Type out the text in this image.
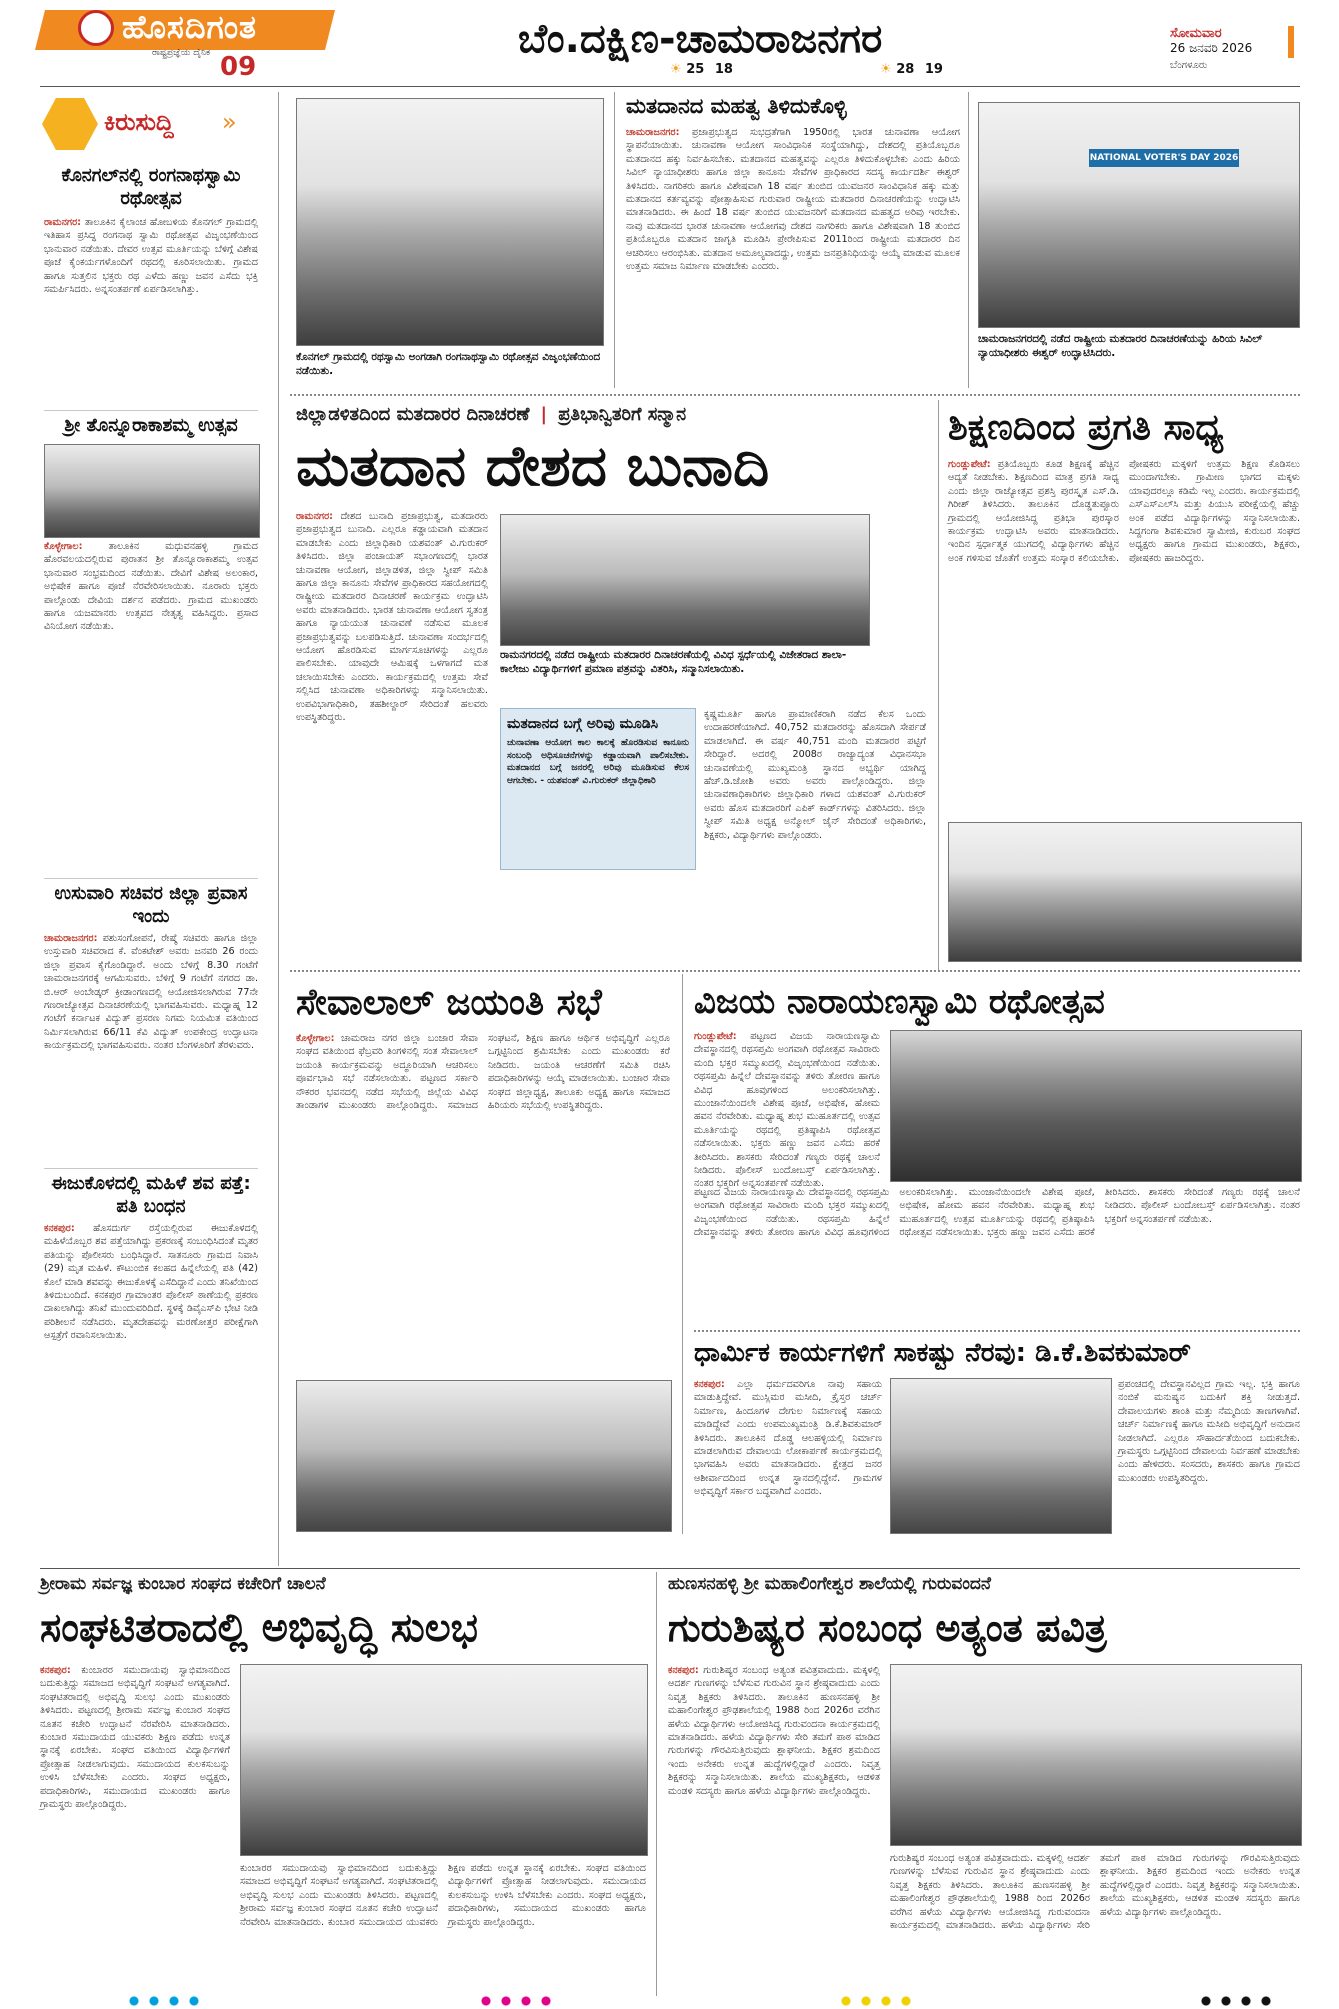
ಹೊಸದಿಗಂತ
ರಾಷ್ಟ್ರಪ್ರಜ್ಞೆಯ ದೈನಿಕ 09
ಬೆಂ.ದಕ್ಷಿಣ-ಚಾಮರಾಜನಗರ
☀ 25 18	☀ 28 19
ಸೋಮವಾರ
26 ಜನವರಿ 2026
ಬೆಂಗಳೂರು
ಕಿರುಸುದ್ದಿ »
ಕೊನಗಲ್‌ನಲ್ಲಿ ರಂಗನಾಥಸ್ವಾಮಿ ರಥೋತ್ಸವ
ರಾಮನಗರ: ತಾಲೂಕಿನ ಕೈಲಾಂಚ ಹೋಬಳಿಯ ಕೊನಗಲ್ ಗ್ರಾಮದಲ್ಲಿ ಇತಿಹಾಸ ಪ್ರಸಿದ್ಧ ರಂಗನಾಥ ಸ್ವಾಮಿ ರಥೋತ್ಸವ ವಿಜೃಂಭಣೆಯಿಂದ ಭಾನುವಾರ ನಡೆಯಿತು. ದೇವರ ಉತ್ಸವ ಮೂರ್ತಿಯನ್ನು ಬೆಳಿಗ್ಗೆ ವಿಶೇಷ ಪೂಜೆ ಕೈಂಕರ್ಯಗಳೊಂದಿಗೆ ರಥದಲ್ಲಿ ಕೂರಿಸಲಾಯಿತು. ಗ್ರಾಮದ ಹಾಗೂ ಸುತ್ತಲಿನ ಭಕ್ತರು ರಥ ಎಳೆದು ಹಣ್ಣು ಜವನ ಎಸೆದು ಭಕ್ತಿ ಸಮರ್ಪಿಸಿದರು. ಅನ್ನಸಂತರ್ಪಣೆ ಏರ್ಪಡಿಸಲಾಗಿತ್ತು.
ಶ್ರೀ ತೊನ್ನೂರಾಕಾಶಮ್ಮ ಉತ್ಸವ
ಕೊಳ್ಳೇಗಾಲ:	ತಾಲೂಕಿನ ಮಧುವನಹಳ್ಳಿ ಗ್ರಾಮದ ಹೊರವಲಯದಲ್ಲಿರುವ ಪುರಾತನ ಶ್ರೀ ತೊನ್ನೂರಾಕಾಶಮ್ಮ ಉತ್ಸವ ಭಾನುವಾರ ಸಂಭ್ರಮದಿಂದ ನಡೆಯಿತು. ದೇವಿಗೆ ವಿಶೇಷ ಅಲಂಕಾರ, ಅಭಿಷೇಕ ಹಾಗೂ ಪೂಜೆ ನೆರವೇರಿಸಲಾಯಿತು. ನೂರಾರು ಭಕ್ತರು ಪಾಲ್ಗೊಂಡು ದೇವಿಯ ದರ್ಶನ ಪಡೆದರು. ಗ್ರಾಮದ ಮುಖಂಡರು ಹಾಗೂ ಯಜಮಾನರು ಉತ್ಸವದ ನೇತೃತ್ವ ವಹಿಸಿದ್ದರು. ಪ್ರಸಾದ ವಿನಿಯೋಗ ನಡೆಯಿತು.
ಉಸುವಾರಿ ಸಚಿವರ ಜಿಲ್ಲಾ ಪ್ರವಾಸ ಇಂದು
ಚಾಮರಾಜನಗರ: ಪಶುಸಂಗೋಪನೆ, ರೇಷ್ಮೆ ಸಚಿವರು ಹಾಗೂ ಜಿಲ್ಲಾ ಉಸ್ತುವಾರಿ ಸಚಿವರಾದ ಕೆ. ವೆಂಕಟೇಶ್ ಅವರು ಜನವರಿ 26 ರಂದು ಜಿಲ್ಲಾ ಪ್ರವಾಸ ಕೈಗೊಂಡಿದ್ದಾರೆ. ಅಂದು ಬೆಳಿಗ್ಗೆ 8.30 ಗಂಟೆಗೆ ಚಾಮರಾಜನಗರಕ್ಕೆ ಆಗಮಿಸುವರು. ಬೆಳಿಗ್ಗೆ 9 ಗಂಟೆಗೆ ನಗರದ ಡಾ. ಬಿ.ಆರ್ ಅಂಬೇಡ್ಕರ್ ಕ್ರೀಡಾಂಗಣದಲ್ಲಿ ಆಯೋಜಿಸಲಾಗಿರುವ 77ನೇ ಗಣರಾಜ್ಯೋತ್ಸವ ದಿನಾಚರಣೆಯಲ್ಲಿ ಭಾಗವಹಿಸುವರು. ಮಧ್ಯಾಹ್ನ 12 ಗಂಟೆಗೆ ಕರ್ನಾಟಕ ವಿದ್ಯುತ್ ಪ್ರಸರಣ ನಿಗಮ ನಿಯಮಿತ ವತಿಯಿಂದ ನಿರ್ಮಿಸಲಾಗಿರುವ 66/11 ಕೆವಿ ವಿದ್ಯುತ್ ಉಪಕೇಂದ್ರ ಉದ್ಘಾಟನಾ ಕಾರ್ಯಕ್ರಮದಲ್ಲಿ ಭಾಗವಹಿಸುವರು. ನಂತರ ಬೆಂಗಳೂರಿಗೆ ತೆರಳುವರು.
ಈಜುಕೊಳದಲ್ಲಿ ಮಹಿಳೆ ಶವ ಪತ್ತೆ: ಪತಿ ಬಂಧನ
ಕನಕಪುರ: ಹೊಸದುರ್ಗ ರಸ್ತೆಯಲ್ಲಿರುವ ಈಜುಕೊಳದಲ್ಲಿ ಮಹಿಳೆಯೊಬ್ಬರ ಶವ ಪತ್ತೆಯಾಗಿದ್ದು ಪ್ರಕರಣಕ್ಕೆ ಸಂಬಂಧಿಸಿದಂತೆ ಮೃತರ ಪತಿಯನ್ನು ಪೊಲೀಸರು ಬಂಧಿಸಿದ್ದಾರೆ. ಸಾತನೂರು ಗ್ರಾಮದ ನಿವಾಸಿ (29) ಮೃತ ಮಹಿಳೆ. ಕೌಟುಂಬಿಕ ಕಲಹದ ಹಿನ್ನೆಲೆಯಲ್ಲಿ ಪತಿ (42) ಕೊಲೆ ಮಾಡಿ ಶವವನ್ನು ಈಜುಕೊಳಕ್ಕೆ ಎಸೆದಿದ್ದಾನೆ ಎಂದು ತನಿಖೆಯಿಂದ ತಿಳಿದುಬಂದಿದೆ. ಕನಕಪುರ ಗ್ರಾಮಾಂತರ ಪೊಲೀಸ್ ಠಾಣೆಯಲ್ಲಿ ಪ್ರಕರಣ ದಾಖಲಾಗಿದ್ದು ತನಿಖೆ ಮುಂದುವರಿದಿದೆ. ಸ್ಥಳಕ್ಕೆ ಡಿವೈಎಸ್‌ಪಿ ಭೇಟಿ ನೀಡಿ ಪರಿಶೀಲನೆ ನಡೆಸಿದರು. ಮೃತದೇಹವನ್ನು ಮರಣೋತ್ತರ ಪರೀಕ್ಷೆಗಾಗಿ ಆಸ್ಪತ್ರೆಗೆ ರವಾನಿಸಲಾಯಿತು.
ಕೊನಗಲ್ ಗ್ರಾಮದಲ್ಲಿ ರಥಸ್ವಾಮಿ ಅಂಗಡಾಗಿ ರಂಗನಾಥಸ್ವಾಮಿ ರಥೋತ್ಸವ ವಿಜೃಂಭಣೆಯಿಂದ ನಡೆಯಿತು.
ಮತದಾನದ ಮಹತ್ವ ತಿಳಿದುಕೊಳ್ಳಿ
ಚಾಮರಾಜನಗರ: ಪ್ರಜಾಪ್ರಭುತ್ವದ ಸುಭದ್ರತೆಗಾಗಿ 1950ರಲ್ಲಿ ಭಾರತ ಚುನಾವಣಾ ಆಯೋಗ ಸ್ಥಾಪನೆಯಾಯಿತು. ಚುನಾವಣಾ ಆಯೋಗ ಸಾಂವಿಧಾನಿಕ ಸಂಸ್ಥೆಯಾಗಿದ್ದು, ದೇಶದಲ್ಲಿ ಪ್ರತಿಯೊಬ್ಬರೂ ಮತದಾನದ ಹಕ್ಕು ನಿರ್ವಹಿಸಬೇಕು. ಮತದಾನದ ಮಹತ್ವವನ್ನು ಎಲ್ಲರೂ ತಿಳಿದುಕೊಳ್ಳಬೇಕು ಎಂದು ಹಿರಿಯ ಸಿವಿಲ್ ನ್ಯಾಯಾಧೀಶರು ಹಾಗೂ ಜಿಲ್ಲಾ ಕಾನೂನು ಸೇವೆಗಳ ಪ್ರಾಧಿಕಾರದ ಸದಸ್ಯ ಕಾರ್ಯದರ್ಶಿ ಈಶ್ವರ್ ತಿಳಿಸಿದರು. ನಾಗರಿಕರು ಹಾಗೂ ವಿಶೇಷವಾಗಿ 18 ವರ್ಷ ತುಂಬಿದ ಯುವಜನರ ಸಾಂವಿಧಾನಿಕ ಹಕ್ಕು ಮತ್ತು ಮತದಾನದ ಕರ್ತವ್ಯವನ್ನು ಪೋತ್ಸಾಹಿಸುವ ಗುರುವಾರ ರಾಷ್ಟ್ರೀಯ ಮತದಾರರ ದಿನಾಚರಣೆಯನ್ನು ಉದ್ಘಾಟಿಸಿ ಮಾತನಾಡಿದರು. ಈ ಹಿಂದೆ 18 ವರ್ಷ ತುಂಬಿದ ಯುವಜನರಿಗೆ ಮತದಾನದ ಮಹತ್ವದ ಅರಿವು ಇರಬೇಕು. ನಾವು ಮತದಾನದ ಭಾರತ ಚುನಾವಣಾ ಆಯೋಗವು ದೇಶದ ನಾಗರಿಕರು ಹಾಗೂ ವಿಶೇಷವಾಗಿ 18 ತುಂಬಿದ ಪ್ರತಿಯೊಬ್ಬರೂ ಮತದಾನ ಜಾಗೃತಿ ಮೂಡಿಸಿ ಪ್ರೇರೇಪಿಸುವ 2011ರಿಂದ ರಾಷ್ಟ್ರೀಯ ಮತದಾರರ ದಿನ ಆಚರಿಸಲು ಆರಂಭಿಸಿತು. ಮತದಾನ ಅಮೂಲ್ಯವಾದದ್ದು, ಉತ್ತಮ ಜನಪ್ರತಿನಿಧಿಯನ್ನು ಆಯ್ಕೆ ಮಾಡುವ ಮೂಲಕ ಉತ್ತಮ ಸಮಾಜ ನಿರ್ಮಾಣ ಮಾಡಬೇಕು ಎಂದರು.
NATIONAL VOTER'S DAY 2026
ಚಾಮರಾಜನಗರದಲ್ಲಿ ನಡೆದ ರಾಷ್ಟ್ರೀಯ ಮತದಾರರ ದಿನಾಚರಣೆಯನ್ನು ಹಿರಿಯ ಸಿವಿಲ್ ನ್ಯಾಯಾಧೀಶರು ಈಶ್ವರ್ ಉದ್ಘಾಟಿಸಿದರು.
ಜಿಲ್ಲಾಡಳಿತದಿಂದ ಮತದಾರರ ದಿನಾಚರಣೆ | ಪ್ರತಿಭಾನ್ವಿತರಿಗೆ ಸನ್ಮಾನ
ಮತದಾನ ದೇಶದ ಬುನಾದಿ
ರಾಮನಗರ: ದೇಶದ ಬುನಾದಿ ಪ್ರಜಾಪ್ರಭುತ್ವ, ಮತದಾರರು ಪ್ರಜಾಪ್ರಭುತ್ವದ ಬುನಾದಿ. ಎಲ್ಲರೂ ಕಡ್ಡಾಯವಾಗಿ ಮತದಾನ ಮಾಡಬೇಕು ಎಂದು ಜಿಲ್ಲಾಧಿಕಾರಿ ಯಶವಂತ್ ವಿ.ಗುರುಕರ್ ತಿಳಿಸಿದರು. ಜಿಲ್ಲಾ ಪಂಚಾಯತ್ ಸಭಾಂಗಣದಲ್ಲಿ ಭಾರತ ಚುನಾವಣಾ ಆಯೋಗ, ಜಿಲ್ಲಾಡಳಿತ, ಜಿಲ್ಲಾ ಸ್ವೀಪ್ ಸಮಿತಿ ಹಾಗೂ ಜಿಲ್ಲಾ ಕಾನೂನು ಸೇವೆಗಳ ಪ್ರಾಧಿಕಾರದ ಸಹಯೋಗದಲ್ಲಿ ರಾಷ್ಟ್ರೀಯ ಮತದಾರರ ದಿನಾಚರಣೆ ಕಾರ್ಯಕ್ರಮ ಉದ್ಘಾಟಿಸಿ ಅವರು ಮಾತನಾಡಿದರು. ಭಾರತ ಚುನಾವಣಾ ಆಯೋಗ ಸ್ವತಂತ್ರ ಹಾಗೂ ನ್ಯಾಯಯುತ ಚುನಾವಣೆ ನಡೆಸುವ ಮೂಲಕ ಪ್ರಜಾಪ್ರಭುತ್ವವನ್ನು ಬಲಪಡಿಸುತ್ತಿದೆ. ಚುನಾವಣಾ ಸಂದರ್ಭದಲ್ಲಿ ಆಯೋಗ ಹೊರಡಿಸುವ ಮಾರ್ಗಸೂಚಿಗಳನ್ನು ಎಲ್ಲರೂ ಪಾಲಿಸಬೇಕು. ಯಾವುದೇ ಆಮಿಷಕ್ಕೆ ಒಳಗಾಗದೆ ಮತ ಚಲಾಯಿಸಬೇಕು ಎಂದರು. ಕಾರ್ಯಕ್ರಮದಲ್ಲಿ ಉತ್ತಮ ಸೇವೆ ಸಲ್ಲಿಸಿದ ಚುನಾವಣಾ ಅಧಿಕಾರಿಗಳನ್ನು ಸನ್ಮಾನಿಸಲಾಯಿತು. ಉಪವಿಭಾಗಾಧಿಕಾರಿ, ತಹಶೀಲ್ದಾರ್ ಸೇರಿದಂತೆ ಹಲವರು ಉಪಸ್ಥಿತರಿದ್ದರು.
ರಾಮನಗರದಲ್ಲಿ ನಡೆದ ರಾಷ್ಟ್ರೀಯ ಮತದಾರರ ದಿನಾಚರಣೆಯಲ್ಲಿ ವಿವಿಧ ಸ್ಪರ್ಧೆಯಲ್ಲಿ ವಿಜೇತರಾದ ಶಾಲಾ-ಕಾಲೇಜು ವಿದ್ಯಾರ್ಥಿಗಳಿಗೆ ಪ್ರಮಾಣ ಪತ್ರವನ್ನು ವಿತರಿಸಿ, ಸನ್ಮಾನಿಸಲಾಯಿತು.
ಮತದಾನದ ಬಗ್ಗೆ ಅರಿವು ಮೂಡಿಸಿ
ಚುನಾವಣಾ ಆಯೋಗ ಕಾಲ ಕಾಲಕ್ಕೆ ಹೊರಡಿಸುವ ಕಾನೂನು ಸಂಬಂಧಿ ಅಧಿಸೂಚನೆಗಳನ್ನು ಕಡ್ಡಾಯವಾಗಿ ಪಾಲಿಸಬೇಕು. ಮತದಾನದ ಬಗ್ಗೆ ಜನರಲ್ಲಿ ಅರಿವು ಮೂಡಿಸುವ ಕೆಲಸ ಆಗಬೇಕು. - ಯಶವಂತ್ ವಿ.ಗುರುಕರ್ ಜಿಲ್ಲಾಧಿಕಾರಿ
ಕೃಷ್ಣಮೂರ್ತಿ ಹಾಗೂ ಪ್ರಾಮಾಣಿಕರಾಗಿ ನಡೆದ ಕೆಲಸ ಒಂದು ಉದಾಹರಣೆಯಾಗಿದೆ. 40,752 ಮತದಾರರನ್ನು ಹೊಸದಾಗಿ ಸೇರ್ಪಡೆ ಮಾಡಲಾಗಿದೆ. ಈ ವರ್ಷ 40,751 ಮಂದಿ ಮತದಾರರ ಪಟ್ಟಿಗೆ ಸೇರಿದ್ದಾರೆ. ಅದರಲ್ಲಿ 2008ರ ರಾಜ್ಯಾದ್ಯಂತ ವಿಧಾನಸಭಾ ಚುನಾವಣೆಯಲ್ಲಿ ಮುಖ್ಯಮಂತ್ರಿ ಸ್ಥಾನದ ಅಭ್ಯರ್ಥಿ ಯಾಗಿದ್ದ ಹೆಚ್.ಡಿ.ಜೋಶಿ ಅವರು ಅವರು ಪಾಲ್ಗೊಂಡಿದ್ದರು. ಜಿಲ್ಲಾ ಚುನಾವಣಾಧಿಕಾರಿಗಳು ಜಿಲ್ಲಾಧಿಕಾರಿ ಗಳಾದ ಯಶವಂತ್ ವಿ.ಗುರುಕರ್ ಅವರು ಹೊಸ ಮತದಾರರಿಗೆ ಎಪಿಕ್ ಕಾರ್ಡ್‌ಗಳನ್ನು ವಿತರಿಸಿದರು. ಜಿಲ್ಲಾ ಸ್ವೀಪ್ ಸಮಿತಿ ಅಧ್ಯಕ್ಷ ಅನ್ಮೋಲ್ ಜೈನ್ ಸೇರಿದಂತೆ ಅಧಿಕಾರಿಗಳು, ಶಿಕ್ಷಕರು, ವಿದ್ಯಾರ್ಥಿಗಳು ಪಾಲ್ಗೊಂಡರು.
ಶಿಕ್ಷಣದಿಂದ ಪ್ರಗತಿ ಸಾಧ್ಯ
ಗುಂಡ್ಲುಪೇಟೆ: ಪ್ರತಿಯೊಬ್ಬರು ಕೂಡ ಶಿಕ್ಷಣಕ್ಕೆ ಹೆಚ್ಚಿನ ಆದ್ಯತೆ ನೀಡಬೇಕು. ಶಿಕ್ಷಣದಿಂದ ಮಾತ್ರ ಪ್ರಗತಿ ಸಾಧ್ಯ ಎಂದು ಜಿಲ್ಲಾ ರಾಜ್ಯೋತ್ಸವ ಪ್ರಶಸ್ತಿ ಪುರಸ್ಕೃತ ಎಸ್.ಡಿ. ಗಿರೀಶ್ ತಿಳಿಸಿದರು. ತಾಲೂಕಿನ ದೊಡ್ಡತುಪ್ಪೂರು ಗ್ರಾಮದಲ್ಲಿ ಆಯೋಜಿಸಿದ್ದ ಪ್ರತಿಭಾ ಪುರಸ್ಕಾರ ಕಾರ್ಯಕ್ರಮ ಉದ್ಘಾಟಿಸಿ ಅವರು ಮಾತನಾಡಿದರು. ಇಂದಿನ ಸ್ಪರ್ಧಾತ್ಮಕ ಯುಗದಲ್ಲಿ ವಿದ್ಯಾರ್ಥಿಗಳು ಹೆಚ್ಚಿನ ಅಂಕ ಗಳಿಸುವ ಜೊತೆಗೆ ಉತ್ತಮ ಸಂಸ್ಕಾರ ಕಲಿಯಬೇಕು. ಪೋಷಕರು ಮಕ್ಕಳಿಗೆ ಉತ್ತಮ ಶಿಕ್ಷಣ ಕೊಡಿಸಲು ಮುಂದಾಗಬೇಕು. ಗ್ರಾಮೀಣ ಭಾಗದ ಮಕ್ಕಳು ಯಾವುದರಲ್ಲೂ ಕಡಿಮೆ ಇಲ್ಲ ಎಂದರು. ಕಾರ್ಯಕ್ರಮದಲ್ಲಿ ಎಸ್‌ಎಸ್‌ಎಲ್‌ಸಿ ಮತ್ತು ಪಿಯುಸಿ ಪರೀಕ್ಷೆಯಲ್ಲಿ ಹೆಚ್ಚು ಅಂಕ ಪಡೆದ ವಿದ್ಯಾರ್ಥಿಗಳನ್ನು ಸನ್ಮಾನಿಸಲಾಯಿತು. ಸಿದ್ದಗಂಗಾ ಶಿವಕುಮಾರ ಸ್ವಾಮೀಜಿ, ಕುರುಬರ ಸಂಘದ ಅಧ್ಯಕ್ಷರು ಹಾಗೂ ಗ್ರಾಮದ ಮುಖಂಡರು, ಶಿಕ್ಷಕರು, ಪೋಷಕರು ಹಾಜರಿದ್ದರು.
ಸೇವಾಲಾಲ್ ಜಯಂತಿ ಸಭೆ
ಕೊಳ್ಳೇಗಾಲ: ಚಾಮರಾಜ ನಗರ ಜಿಲ್ಲಾ ಬಂಜಾರ ಸೇವಾ ಸಂಘದ ವತಿಯಿಂದ ಫೆಬ್ರವರಿ ತಿಂಗಳಿನಲ್ಲಿ ಸಂತ ಸೇವಾಲಾಲ್ ಜಯಂತಿ ಕಾರ್ಯಕ್ರಮವನ್ನು ಅದ್ಧೂರಿಯಾಗಿ ಆಚರಿಸಲು ಪೂರ್ವಭಾವಿ ಸಭೆ ನಡೆಸಲಾಯಿತು. ಪಟ್ಟಣದ ಸರ್ಕಾರಿ ನೌಕರರ ಭವನದಲ್ಲಿ ನಡೆದ ಸಭೆಯಲ್ಲಿ ಜಿಲ್ಲೆಯ ವಿವಿಧ ತಾಂಡಾಗಳ ಮುಖಂಡರು ಪಾಲ್ಗೊಂಡಿದ್ದರು. ಸಮಾಜದ ಸಂಘಟನೆ, ಶಿಕ್ಷಣ ಹಾಗೂ ಆರ್ಥಿಕ ಅಭಿವೃದ್ಧಿಗೆ ಎಲ್ಲರೂ ಒಗ್ಗಟ್ಟಿನಿಂದ ಶ್ರಮಿಸಬೇಕು ಎಂದು ಮುಖಂಡರು ಕರೆ ನೀಡಿದರು. ಜಯಂತಿ ಆಚರಣೆಗೆ ಸಮಿತಿ ರಚಿಸಿ ಪದಾಧಿಕಾರಿಗಳನ್ನು ಆಯ್ಕೆ ಮಾಡಲಾಯಿತು. ಬಂಜಾರ ಸೇವಾ ಸಂಘದ ಜಿಲ್ಲಾಧ್ಯಕ್ಷ, ತಾಲೂಕು ಅಧ್ಯಕ್ಷ ಹಾಗೂ ಸಮಾಜದ ಹಿರಿಯರು ಸಭೆಯಲ್ಲಿ ಉಪಸ್ಥಿತರಿದ್ದರು.
ವಿಜಯ ನಾರಾಯಣಸ್ವಾಮಿ ರಥೋತ್ಸವ
ಗುಂಡ್ಲುಪೇಟೆ: ಪಟ್ಟಣದ ವಿಜಯ ನಾರಾಯಣಸ್ವಾಮಿ ದೇವಸ್ಥಾನದಲ್ಲಿ ರಥಸಪ್ತಮಿ ಅಂಗವಾಗಿ ರಥೋತ್ಸವ ಸಾವಿರಾರು ಮಂದಿ ಭಕ್ತರ ಸಮ್ಮುಖದಲ್ಲಿ ವಿಜೃಂಭಣೆಯಿಂದ ನಡೆಯಿತು. ರಥಸಪ್ತಮಿ ಹಿನ್ನೆಲೆ ದೇವಸ್ಥಾನವನ್ನು ತಳಿರು ತೋರಣ ಹಾಗೂ ವಿವಿಧ ಹೂವುಗಳಿಂದ ಅಲಂಕರಿಸಲಾಗಿತ್ತು. ಮುಂಜಾನೆಯಿಂದಲೇ ವಿಶೇಷ ಪೂಜೆ, ಅಭಿಷೇಕ, ಹೋಮ ಹವನ ನೆರವೇರಿತು. ಮಧ್ಯಾಹ್ನ ಶುಭ ಮುಹೂರ್ತದಲ್ಲಿ ಉತ್ಸವ ಮೂರ್ತಿಯನ್ನು ರಥದಲ್ಲಿ ಪ್ರತಿಷ್ಠಾಪಿಸಿ ರಥೋತ್ಸವ ನಡೆಸಲಾಯಿತು. ಭಕ್ತರು ಹಣ್ಣು ಜವನ ಎಸೆದು ಹರಕೆ ತೀರಿಸಿದರು. ಶಾಸಕರು ಸೇರಿದಂತೆ ಗಣ್ಯರು ರಥಕ್ಕೆ ಚಾಲನೆ ನೀಡಿದರು. ಪೊಲೀಸ್ ಬಂದೋಬಸ್ತ್ ಏರ್ಪಡಿಸಲಾಗಿತ್ತು. ನಂತರ ಭಕ್ತರಿಗೆ ಅನ್ನಸಂತರ್ಪಣೆ ನಡೆಯಿತು.
ಪಟ್ಟಣದ ವಿಜಯ ನಾರಾಯಣಸ್ವಾಮಿ ದೇವಸ್ಥಾನದಲ್ಲಿ ರಥಸಪ್ತಮಿ ಅಂಗವಾಗಿ ರಥೋತ್ಸವ ಸಾವಿರಾರು ಮಂದಿ ಭಕ್ತರ ಸಮ್ಮುಖದಲ್ಲಿ ವಿಜೃಂಭಣೆಯಿಂದ ನಡೆಯಿತು. ರಥಸಪ್ತಮಿ ಹಿನ್ನೆಲೆ ದೇವಸ್ಥಾನವನ್ನು ತಳಿರು ತೋರಣ ಹಾಗೂ ವಿವಿಧ ಹೂವುಗಳಿಂದ ಅಲಂಕರಿಸಲಾಗಿತ್ತು. ಮುಂಜಾನೆಯಿಂದಲೇ ವಿಶೇಷ ಪೂಜೆ, ಅಭಿಷೇಕ, ಹೋಮ ಹವನ ನೆರವೇರಿತು. ಮಧ್ಯಾಹ್ನ ಶುಭ ಮುಹೂರ್ತದಲ್ಲಿ ಉತ್ಸವ ಮೂರ್ತಿಯನ್ನು ರಥದಲ್ಲಿ ಪ್ರತಿಷ್ಠಾಪಿಸಿ ರಥೋತ್ಸವ ನಡೆಸಲಾಯಿತು. ಭಕ್ತರು ಹಣ್ಣು ಜವನ ಎಸೆದು ಹರಕೆ ತೀರಿಸಿದರು. ಶಾಸಕರು ಸೇರಿದಂತೆ ಗಣ್ಯರು ರಥಕ್ಕೆ ಚಾಲನೆ ನೀಡಿದರು. ಪೊಲೀಸ್ ಬಂದೋಬಸ್ತ್ ಏರ್ಪಡಿಸಲಾಗಿತ್ತು. ನಂತರ ಭಕ್ತರಿಗೆ ಅನ್ನಸಂತರ್ಪಣೆ ನಡೆಯಿತು.
ಧಾರ್ಮಿಕ ಕಾರ್ಯಗಳಿಗೆ ಸಾಕಷ್ಟು ನೆರವು: ಡಿ.ಕೆ.ಶಿವಕುಮಾರ್
ಕನಕಪುರ: ಎಲ್ಲಾ ಧರ್ಮದವರಿಗೂ ನಾವು ಸಹಾಯ ಮಾಡುತ್ತಿದ್ದೇವೆ. ಮುಸ್ಲಿಮರ ಮಸೀದಿ, ಕ್ರೈಸ್ತರ ಚರ್ಚ್ ನಿರ್ಮಾಣ, ಹಿಂದೂಗಳ ದೇಗುಲ ನಿರ್ಮಾಣಕ್ಕೆ ಸಹಾಯ ಮಾಡಿದ್ದೇವೆ ಎಂದು ಉಪಮುಖ್ಯಮಂತ್ರಿ ಡಿ.ಕೆ.ಶಿವಕುಮಾರ್ ತಿಳಿಸಿದರು. ತಾಲೂಕಿನ ದೊಡ್ಡ ಆಲಹಳ್ಳಿಯಲ್ಲಿ ನಿರ್ಮಾಣ ಮಾಡಲಾಗಿರುವ ದೇವಾಲಯ ಲೋಕಾರ್ಪಣೆ ಕಾರ್ಯಕ್ರಮದಲ್ಲಿ ಭಾಗವಹಿಸಿ ಅವರು ಮಾತನಾಡಿದರು. ಕ್ಷೇತ್ರದ ಜನರ ಆಶೀರ್ವಾದದಿಂದ ಉನ್ನತ ಸ್ಥಾನದಲ್ಲಿದ್ದೇನೆ. ಗ್ರಾಮಗಳ ಅಭಿವೃದ್ಧಿಗೆ ಸರ್ಕಾರ ಬದ್ಧವಾಗಿದೆ ಎಂದರು.
ಪ್ರಪಂಚದಲ್ಲಿ ದೇವಸ್ಥಾನವಿಲ್ಲದ ಗ್ರಾಮ ಇಲ್ಲ. ಭಕ್ತಿ ಹಾಗೂ ನಂಬಿಕೆ ಮನುಷ್ಯನ ಬದುಕಿಗೆ ಶಕ್ತಿ ನೀಡುತ್ತದೆ. ದೇವಾಲಯಗಳು ಶಾಂತಿ ಮತ್ತು ನೆಮ್ಮದಿಯ ತಾಣಗಳಾಗಿವೆ. ಚರ್ಚ್ ನಿರ್ಮಾಣಕ್ಕೆ ಹಾಗೂ ಮಸೀದಿ ಅಭಿವೃದ್ಧಿಗೆ ಅನುದಾನ ನೀಡಲಾಗಿದೆ. ಎಲ್ಲರೂ ಸೌಹಾರ್ದತೆಯಿಂದ ಬದುಕಬೇಕು. ಗ್ರಾಮಸ್ಥರು ಒಗ್ಗಟ್ಟಿನಿಂದ ದೇವಾಲಯ ನಿರ್ವಹಣೆ ಮಾಡಬೇಕು ಎಂದು ಹೇಳಿದರು. ಸಂಸದರು, ಶಾಸಕರು ಹಾಗೂ ಗ್ರಾಮದ ಮುಖಂಡರು ಉಪಸ್ಥಿತರಿದ್ದರು.
ಶ್ರೀರಾಮ ಸರ್ವಜ್ಞ ಕುಂಬಾರ ಸಂಘದ ಕಚೇರಿಗೆ ಚಾಲನೆ
ಸಂಘಟಿತರಾದಲ್ಲಿ ಅಭಿವೃದ್ಧಿ ಸುಲಭ
ಕನಕಪುರ: ಕುಂಬಾರರ ಸಮುದಾಯವು ಸ್ವಾಭಿಮಾನದಿಂದ ಬದುಕುತ್ತಿದ್ದು ಸಮಾಜದ ಅಭಿವೃದ್ಧಿಗೆ ಸಂಘಟನೆ ಅಗತ್ಯವಾಗಿದೆ. ಸಂಘಟಿತರಾದಲ್ಲಿ ಅಭಿವೃದ್ಧಿ ಸುಲಭ ಎಂದು ಮುಖಂಡರು ತಿಳಿಸಿದರು. ಪಟ್ಟಣದಲ್ಲಿ ಶ್ರೀರಾಮ ಸರ್ವಜ್ಞ ಕುಂಬಾರ ಸಂಘದ ನೂತನ ಕಚೇರಿ ಉದ್ಘಾಟನೆ ನೆರವೇರಿಸಿ ಮಾತನಾಡಿದರು. ಕುಂಬಾರ ಸಮುದಾಯದ ಯುವಕರು ಶಿಕ್ಷಣ ಪಡೆದು ಉನ್ನತ ಸ್ಥಾನಕ್ಕೆ ಏರಬೇಕು. ಸಂಘದ ವತಿಯಿಂದ ವಿದ್ಯಾರ್ಥಿಗಳಿಗೆ ಪ್ರೋತ್ಸಾಹ ನೀಡಲಾಗುವುದು. ಸಮುದಾಯದ ಕುಲಕಸುಬನ್ನು ಉಳಿಸಿ ಬೆಳೆಸಬೇಕು ಎಂದರು. ಸಂಘದ ಅಧ್ಯಕ್ಷರು, ಪದಾಧಿಕಾರಿಗಳು, ಸಮುದಾಯದ ಮುಖಂಡರು ಹಾಗೂ ಗ್ರಾಮಸ್ಥರು ಪಾಲ್ಗೊಂಡಿದ್ದರು.
ಕುಂಬಾರರ ಸಮುದಾಯವು ಸ್ವಾಭಿಮಾನದಿಂದ ಬದುಕುತ್ತಿದ್ದು ಸಮಾಜದ ಅಭಿವೃದ್ಧಿಗೆ ಸಂಘಟನೆ ಅಗತ್ಯವಾಗಿದೆ. ಸಂಘಟಿತರಾದಲ್ಲಿ ಅಭಿವೃದ್ಧಿ ಸುಲಭ ಎಂದು ಮುಖಂಡರು ತಿಳಿಸಿದರು. ಪಟ್ಟಣದಲ್ಲಿ ಶ್ರೀರಾಮ ಸರ್ವಜ್ಞ ಕುಂಬಾರ ಸಂಘದ ನೂತನ ಕಚೇರಿ ಉದ್ಘಾಟನೆ ನೆರವೇರಿಸಿ ಮಾತನಾಡಿದರು. ಕುಂಬಾರ ಸಮುದಾಯದ ಯುವಕರು ಶಿಕ್ಷಣ ಪಡೆದು ಉನ್ನತ ಸ್ಥಾನಕ್ಕೆ ಏರಬೇಕು. ಸಂಘದ ವತಿಯಿಂದ ವಿದ್ಯಾರ್ಥಿಗಳಿಗೆ ಪ್ರೋತ್ಸಾಹ ನೀಡಲಾಗುವುದು. ಸಮುದಾಯದ ಕುಲಕಸುಬನ್ನು ಉಳಿಸಿ ಬೆಳೆಸಬೇಕು ಎಂದರು. ಸಂಘದ ಅಧ್ಯಕ್ಷರು, ಪದಾಧಿಕಾರಿಗಳು, ಸಮುದಾಯದ ಮುಖಂಡರು ಹಾಗೂ ಗ್ರಾಮಸ್ಥರು ಪಾಲ್ಗೊಂಡಿದ್ದರು.
ಹುಣಸನಹಳ್ಳಿ ಶ್ರೀ ಮಹಾಲಿಂಗೇಶ್ವರ ಶಾಲೆಯಲ್ಲಿ ಗುರುವಂದನೆ
ಗುರುಶಿಷ್ಯರ ಸಂಬಂಧ ಅತ್ಯಂತ ಪವಿತ್ರ
ಕನಕಪುರ: ಗುರುಶಿಷ್ಯರ ಸಂಬಂಧ ಅತ್ಯಂತ ಪವಿತ್ರವಾದುದು. ಮಕ್ಕಳಲ್ಲಿ ಆದರ್ಶ ಗುಣಗಳನ್ನು ಬೆಳೆಸುವ ಗುರುವಿನ ಸ್ಥಾನ ಶ್ರೇಷ್ಠವಾದುದು ಎಂದು ನಿವೃತ್ತ ಶಿಕ್ಷಕರು ತಿಳಿಸಿದರು. ತಾಲೂಕಿನ ಹುಣಸನಹಳ್ಳಿ ಶ್ರೀ ಮಹಾಲಿಂಗೇಶ್ವರ ಪ್ರೌಢಶಾಲೆಯಲ್ಲಿ 1988 ರಿಂದ 2026ರ ವರೆಗಿನ ಹಳೆಯ ವಿದ್ಯಾರ್ಥಿಗಳು ಆಯೋಜಿಸಿದ್ದ ಗುರುವಂದನಾ ಕಾರ್ಯಕ್ರಮದಲ್ಲಿ ಮಾತನಾಡಿದರು. ಹಳೆಯ ವಿದ್ಯಾರ್ಥಿಗಳು ಸೇರಿ ತಮಗೆ ಪಾಠ ಮಾಡಿದ ಗುರುಗಳನ್ನು ಗೌರವಿಸುತ್ತಿರುವುದು ಶ್ಲಾಘನೀಯ. ಶಿಕ್ಷಕರ ಶ್ರಮದಿಂದ ಇಂದು ಅನೇಕರು ಉನ್ನತ ಹುದ್ದೆಗಳಲ್ಲಿದ್ದಾರೆ ಎಂದರು. ನಿವೃತ್ತ ಶಿಕ್ಷಕರನ್ನು ಸನ್ಮಾನಿಸಲಾಯಿತು. ಶಾಲೆಯ ಮುಖ್ಯಶಿಕ್ಷಕರು, ಆಡಳಿತ ಮಂಡಳಿ ಸದಸ್ಯರು ಹಾಗೂ ಹಳೆಯ ವಿದ್ಯಾರ್ಥಿಗಳು ಪಾಲ್ಗೊಂಡಿದ್ದರು.
ಗುರುಶಿಷ್ಯರ ಸಂಬಂಧ ಅತ್ಯಂತ ಪವಿತ್ರವಾದುದು. ಮಕ್ಕಳಲ್ಲಿ ಆದರ್ಶ ಗುಣಗಳನ್ನು ಬೆಳೆಸುವ ಗುರುವಿನ ಸ್ಥಾನ ಶ್ರೇಷ್ಠವಾದುದು ಎಂದು ನಿವೃತ್ತ ಶಿಕ್ಷಕರು ತಿಳಿಸಿದರು. ತಾಲೂಕಿನ ಹುಣಸನಹಳ್ಳಿ ಶ್ರೀ ಮಹಾಲಿಂಗೇಶ್ವರ ಪ್ರೌಢಶಾಲೆಯಲ್ಲಿ 1988 ರಿಂದ 2026ರ ವರೆಗಿನ ಹಳೆಯ ವಿದ್ಯಾರ್ಥಿಗಳು ಆಯೋಜಿಸಿದ್ದ ಗುರುವಂದನಾ ಕಾರ್ಯಕ್ರಮದಲ್ಲಿ ಮಾತನಾಡಿದರು. ಹಳೆಯ ವಿದ್ಯಾರ್ಥಿಗಳು ಸೇರಿ ತಮಗೆ ಪಾಠ ಮಾಡಿದ ಗುರುಗಳನ್ನು ಗೌರವಿಸುತ್ತಿರುವುದು ಶ್ಲಾಘನೀಯ. ಶಿಕ್ಷಕರ ಶ್ರಮದಿಂದ ಇಂದು ಅನೇಕರು ಉನ್ನತ ಹುದ್ದೆಗಳಲ್ಲಿದ್ದಾರೆ ಎಂದರು. ನಿವೃತ್ತ ಶಿಕ್ಷಕರನ್ನು ಸನ್ಮಾನಿಸಲಾಯಿತು. ಶಾಲೆಯ ಮುಖ್ಯಶಿಕ್ಷಕರು, ಆಡಳಿತ ಮಂಡಳಿ ಸದಸ್ಯರು ಹಾಗೂ ಹಳೆಯ ವಿದ್ಯಾರ್ಥಿಗಳು ಪಾಲ್ಗೊಂಡಿದ್ದರು.
